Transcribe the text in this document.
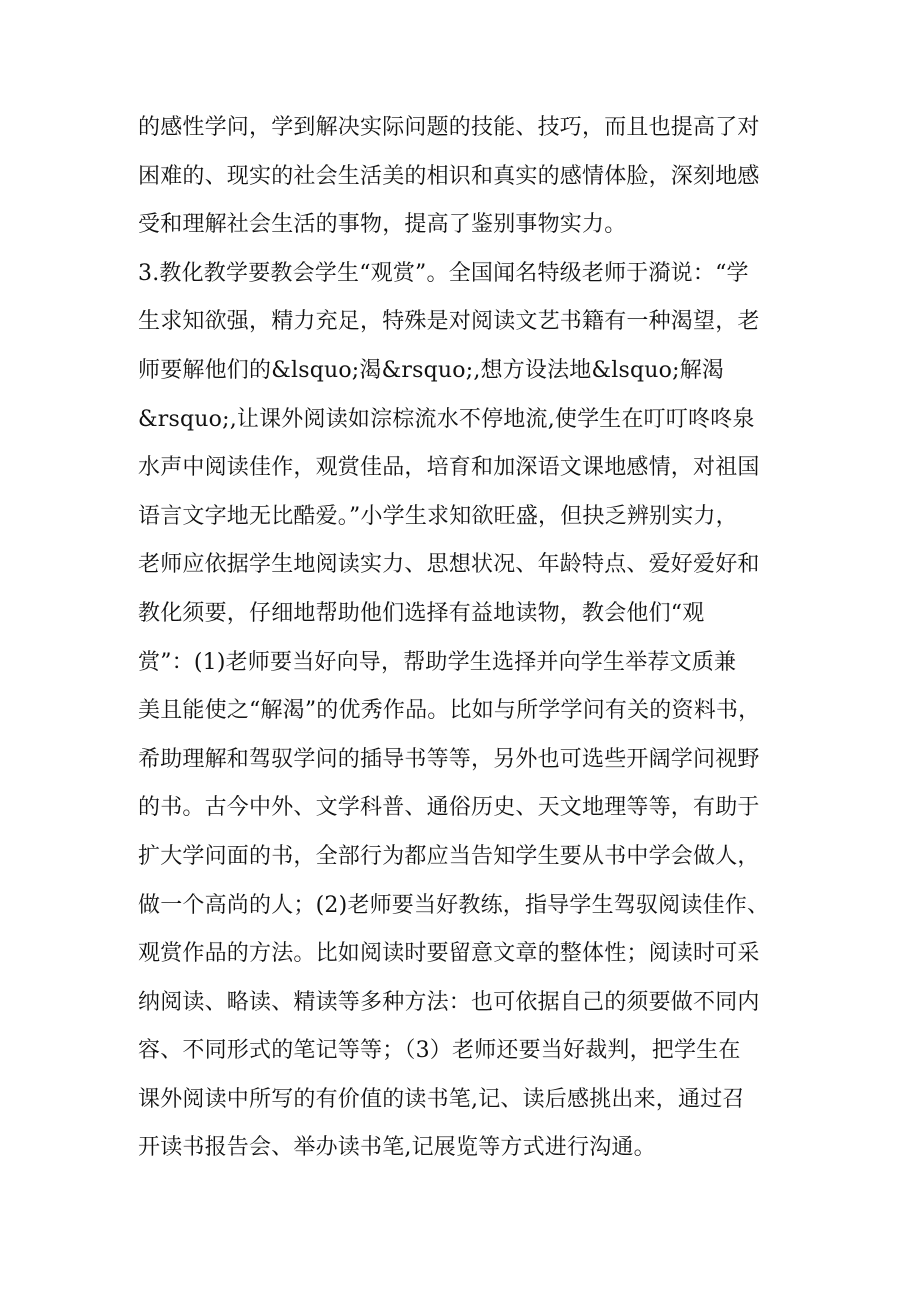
的感性学问，学到解决实际问题的技能、技巧，而且也提高了对
困难的、现实的社会生活美的相识和真实的感情体脸，深刻地感
受和理解社会生活的事物，提高了鉴别事物实力。
3.教化教学要教会学生“观赏”。全国闻名特级老师于漪说：“学
生求知欲强，精力充足，特殊是对阅读文艺书籍有一种渴望，老
师要解他们的&lsquo;渴&rsquo;,想方设法地&lsquo;解渴
&rsquo;,让课外阅读如淙棕流水不停地流,使学生在叮叮咚咚泉
水声中阅读佳作，观赏佳品，培育和加深语文课地感情，对祖国
语言文字地无比酷爱。”小学生求知欲旺盛，但抉乏辨别实力，
老师应依据学生地阅读实力、思想状况、年龄特点、爱好爱好和
教化须要，仔细地帮助他们选择有益地读物，教会他们“观
赏”：(1)老师要当好向导，帮助学生选择并向学生举荐文质兼
美且能使之“解渴”的优秀作品。比如与所学学问有关的资料书，
希助理解和驾驭学问的插导书等等，另外也可选些开阔学问视野
的书。古今中外、文学科普、通俗历史、天文地理等等，有助于
扩大学问面的书，全部行为都应当告知学生要从书中学会做人，
做一个高尚的人；(2)老师要当好教练，指导学生驾驭阅读佳作、
观赏作品的方法。比如阅读时要留意文章的整体性；阅读时可采
纳阅读、略读、精读等多种方法：也可依据自己的须要做不同内
容、不同形式的笔记等等；（3）老师还要当好裁判，把学生在
课外阅读中所写的有价值的读书笔,记、读后感挑出来，通过召
开读书报告会、举办读书笔,记展览等方式进行沟通。
